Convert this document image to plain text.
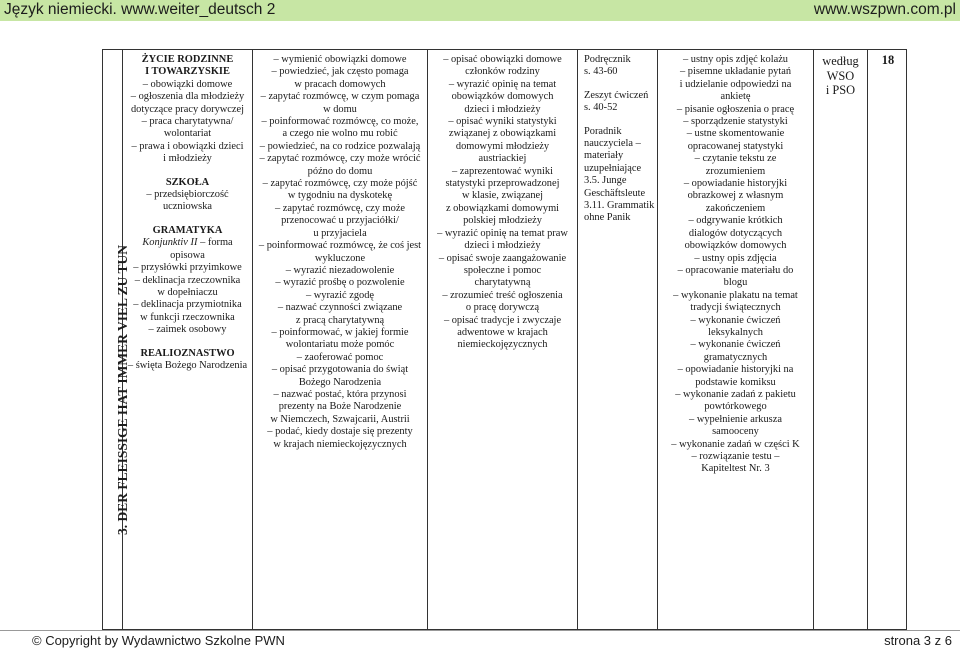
Język niemiecki. www.weiter_deutsch 2	www.wszpwn.com.pl
3. DER FLEISSIGE HAT IMMER VIEL ZU TUN
ŻYCIE RODZINNE
I TOWARZYSKIE
– obowiązki domowe
– ogłoszenia dla młodzieży
dotyczące pracy dorywczej
– praca charytatywna/
wolontariat
– prawa i obowiązki dzieci
i młodzieży
SZKOŁA
– przedsiębiorczość
uczniowska
GRAMATYKA
Konjunktiv II – forma
opisowa
– przysłówki przyimkowe
– deklinacja rzeczownika
w dopełniaczu
– deklinacja przymiotnika
w funkcji rzeczownika
– zaimek osobowy
REALIOZNASTWO
– święta Bożego Narodzenia
– wymienić obowiązki domowe
– powiedzieć, jak często pomaga
w pracach domowych
– zapytać rozmówcę, w czym pomaga
w domu
– poinformować rozmówcę, co może,
a czego nie wolno mu robić
– powiedzieć, na co rodzice pozwalają
– zapytać rozmówcę, czy może wrócić
późno do domu
– zapytać rozmówcę, czy może pójść
w tygodniu na dyskotekę
– zapytać rozmówcę, czy może
przenocować u przyjaciółki/
u przyjaciela
– poinformować rozmówcę, że coś jest
wykluczone
– wyrazić niezadowolenie
– wyrazić prośbę o pozwolenie
– wyrazić zgodę
– nazwać czynności związane
z pracą charytatywną
– poinformować, w jakiej formie
wolontariatu może pomóc
– zaoferować pomoc
– opisać przygotowania do świąt
Bożego Narodzenia
– nazwać postać, która przynosi
prezenty na Boże Narodzenie
w Niemczech, Szwajcarii, Austrii
– podać, kiedy dostaje się prezenty
w krajach niemieckojęzycznych
– opisać obowiązki domowe
członków rodziny
– wyrazić opinię na temat
obowiązków domowych
dzieci i młodzieży
– opisać wyniki statystyki
związanej z obowiązkami
domowymi młodzieży
austriackiej
– zaprezentować wyniki
statystyki przeprowadzonej
w klasie, związanej
z obowiązkami domowymi
polskiej młodzieży
– wyrazić opinię na temat praw
dzieci i młodzieży
– opisać swoje zaangażowanie
społeczne i pomoc
charytatywną
– zrozumieć treść ogłoszenia
o pracę dorywczą
– opisać tradycje i zwyczaje
adwentowe w krajach
niemieckojęzycznych
Podręcznik
s. 43-60
Zeszyt ćwiczeń
s. 40-52
Poradnik
nauczyciela –
materiały
uzupełniające
3.5. Junge
Geschäftsleute
3.11. Grammatik
ohne Panik
– ustny opis zdjęć kolażu
– pisemne układanie pytań
i udzielanie odpowiedzi na
ankietę
– pisanie ogłoszenia o pracę
– sporządzenie statystyki
– ustne skomentowanie
opracowanej statystyki
– czytanie tekstu ze
zrozumieniem
– opowiadanie historyjki
obrazkowej z własnym
zakończeniem
– odgrywanie krótkich
dialogów dotyczących
obowiązków domowych
– ustny opis zdjęcia
– opracowanie materiału do
blogu
– wykonanie plakatu na temat
tradycji świątecznych
– wykonanie ćwiczeń
leksykalnych
– wykonanie ćwiczeń
gramatycznych
– opowiadanie historyjki na
podstawie komiksu
– wykonanie zadań z pakietu
powtórkowego
– wypełnienie arkusza
samooceny
– wykonanie zadań w części K
– rozwiązanie testu –
Kapiteltest Nr. 3
według
WSO
i PSO
18
© Copyright by Wydawnictwo Szkolne PWN	strona 3 z 6
